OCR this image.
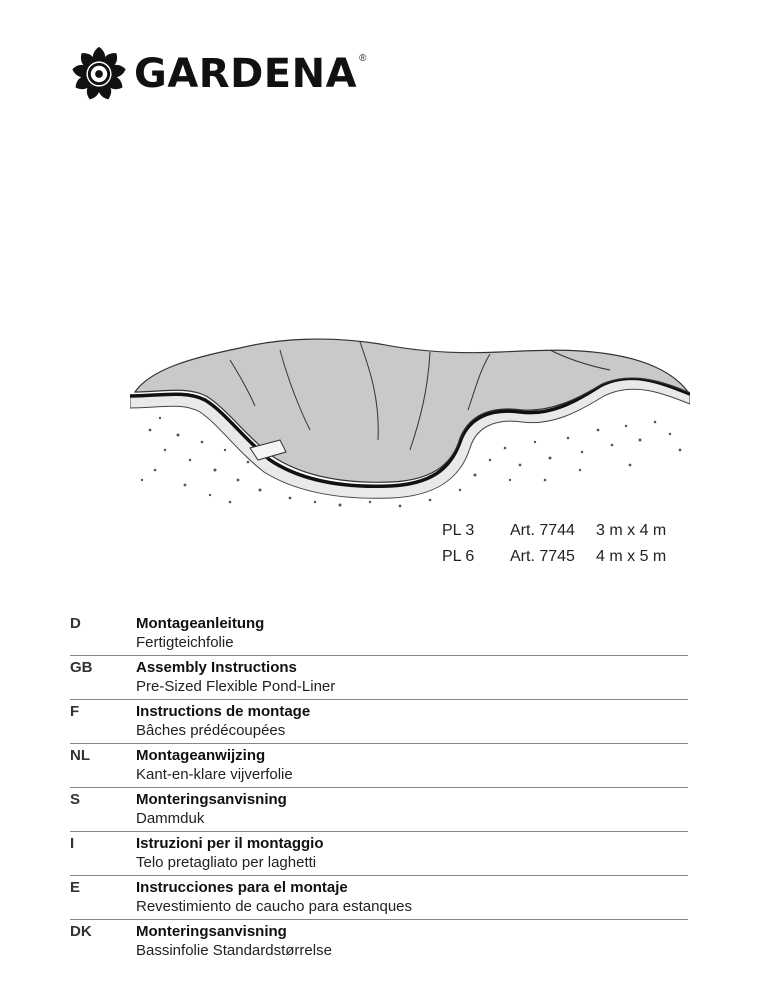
GARDENA ®
PL 3	Art. 7744	3 m x 4 m
PL 6	Art. 7745	4 m x 5 m
D	Montageanleitung
Fertigteichfolie
GB	Assembly Instructions
Pre-Sized Flexible Pond-Liner
F	Instructions de montage
Bâches prédécoupées
NL	Montageanwijzing
Kant-en-klare vijverfolie
S	Monteringsanvisning
Dammduk
I	Istruzioni per il montaggio
Telo pretagliato per laghetti
E	Instrucciones para el montaje
Revestimiento de caucho para estanques
DK	Monteringsanvisning
Bassinfolie Standardstørrelse
